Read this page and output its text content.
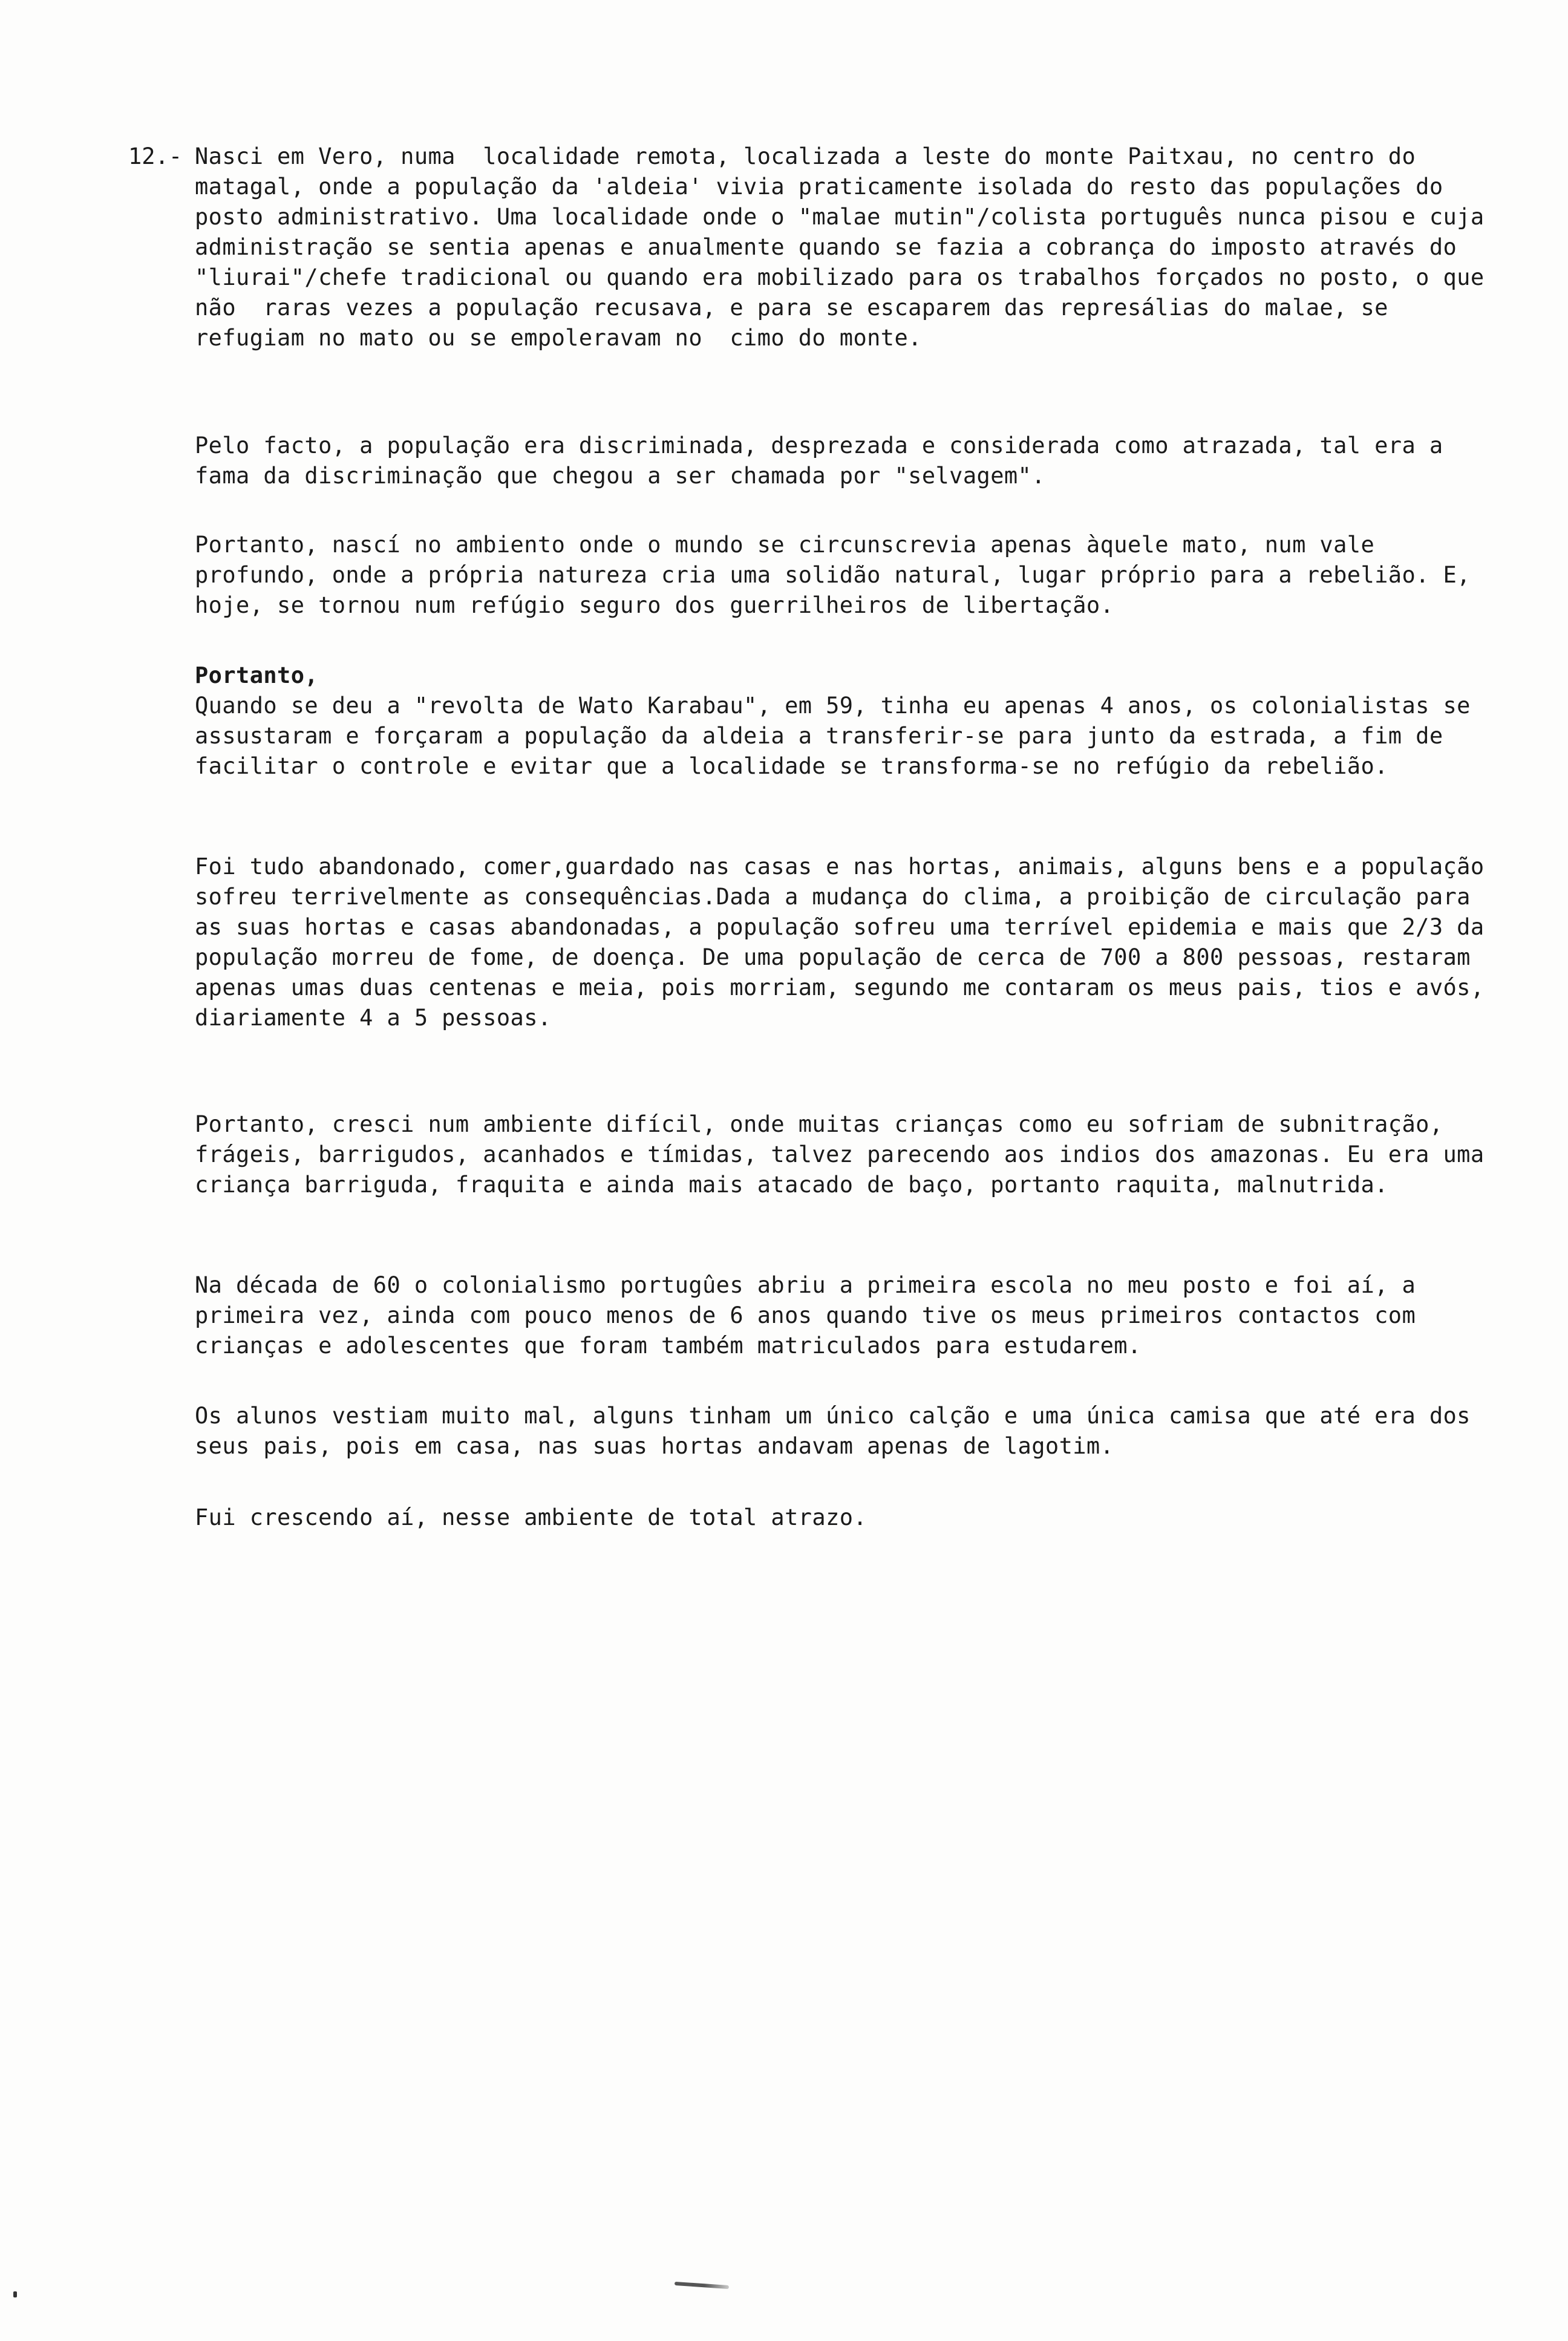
12.- Nasci em Vero, numa  localidade remota, localizada a leste do monte Paitxau, no centro do matagal, onde a população da 'aldeia' vivia praticamente isolada do resto das populações do posto administrativo. Uma localidade onde o "malae mutin"/colista português nunca pisou e cuja administração se sentia apenas e anualmente quando se fazia a cobrança do imposto através do "liurai"/chefe tradicional ou quando era mobilizado para os trabalhos forçados no posto, o que não  raras vezes a população recusava, e para se escaparem das represálias do malae, se refugiam no mato ou se empoleravam no  cimo do monte.
Pelo facto, a população era discriminada, desprezada e considerada como atrazada, tal era a fama da discriminação que chegou a ser chamada por "selvagem".
Portanto, nascí no ambiento onde o mundo se circunscrevia apenas àquele mato, num vale profundo, onde a própria natureza cria uma solidão natural, lugar próprio para a rebelião. E, hoje, se tornou num refúgio seguro dos guerrilheiros de libertação.
Portanto,
Quando se deu a "revolta de Wato Karabau", em 59, tinha eu apenas 4 anos, os colonialistas se assustaram e forçaram a população da aldeia a transferir-se para junto da estrada, a fim de facilitar o controle e evitar que a localidade se transforma-se no refúgio da rebelião.
Foi tudo abandonado, comer,guardado nas casas e nas hortas, animais, alguns bens e a população sofreu terrivelmente as consequências.Dada a mudança do clima, a proibição de circulação para as suas hortas e casas abandonadas, a população sofreu uma terrível epidemia e mais que 2/3 da população morreu de fome, de doença. De uma população de cerca de 700 a 800 pessoas, restaram apenas umas duas centenas e meia, pois morriam, segundo me contaram os meus pais, tios e avós, diariamente 4 a 5 pessoas.
Portanto, cresci num ambiente difícil, onde muitas crianças como eu sofriam de subnitração, frágeis, barrigudos, acanhados e tímidas, talvez parecendo aos indios dos amazonas. Eu era uma criança barriguda, fraquita e ainda mais atacado de baço, portanto raquita, malnutrida.
Na década de 60 o colonialismo portugûes abriu a primeira escola no meu posto e foi aí, a primeira vez, ainda com pouco menos de 6 anos quando tive os meus primeiros contactos com crianças e adolescentes que foram também matriculados para estudarem.
Os alunos vestiam muito mal, alguns tinham um único calção e uma única camisa que até era dos seus pais, pois em casa, nas suas hortas andavam apenas de lagotim.
Fui crescendo aí, nesse ambiente de total atrazo.
